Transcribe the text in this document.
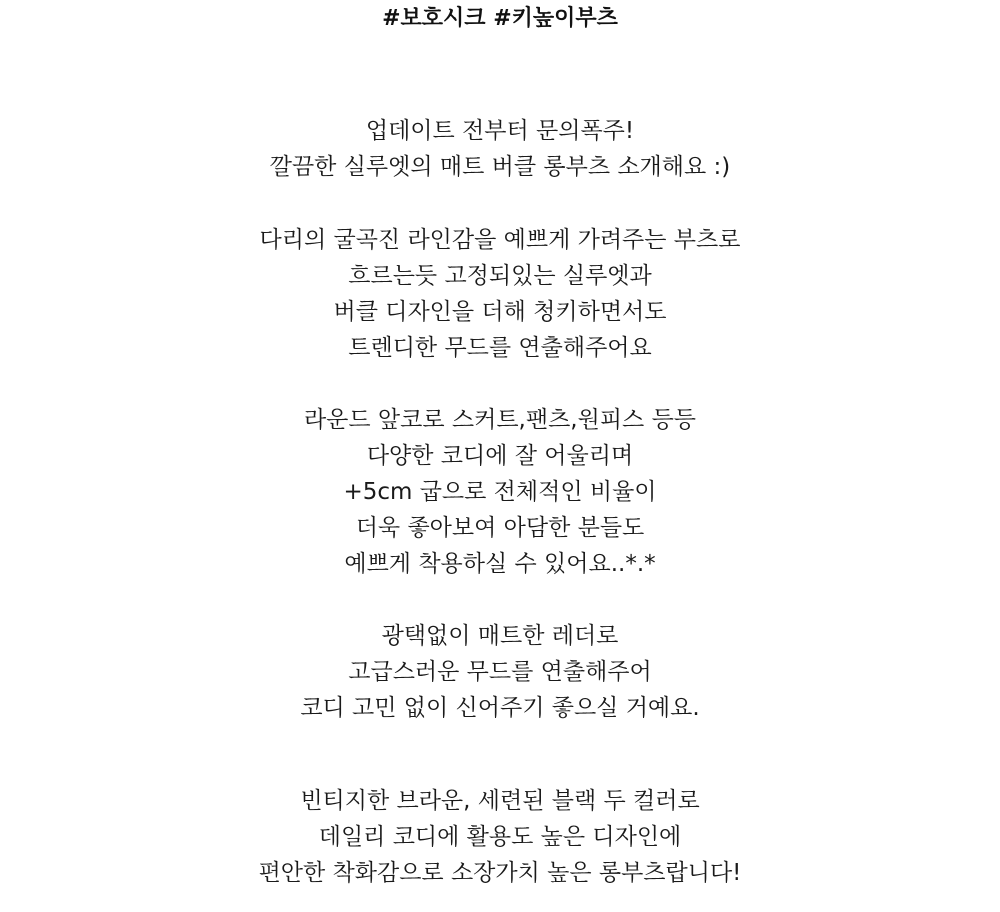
#보호시크 #키높이부츠
업데이트 전부터 문의폭주!
깔끔한 실루엣의 매트 버클 롱부츠 소개해요 :)
다리의 굴곡진 라인감을 예쁘게 가려주는 부츠로
흐르는듯 고정되있는 실루엣과
버클 디자인을 더해 청키하면서도
트렌디한 무드를 연출해주어요
라운드 앞코로 스커트,팬츠,원피스 등등
다양한 코디에 잘 어울리며
+5cm 굽으로 전체적인 비율이
더욱 좋아보여 아담한 분들도
예쁘게 착용하실 수 있어요..*.*
광택없이 매트한 레더로
고급스러운 무드를 연출해주어
코디 고민 없이 신어주기 좋으실 거예요.
빈티지한 브라운, 세련된 블랙 두 컬러로
데일리 코디에 활용도 높은 디자인에
편안한 착화감으로 소장가치 높은 롱부츠랍니다!
